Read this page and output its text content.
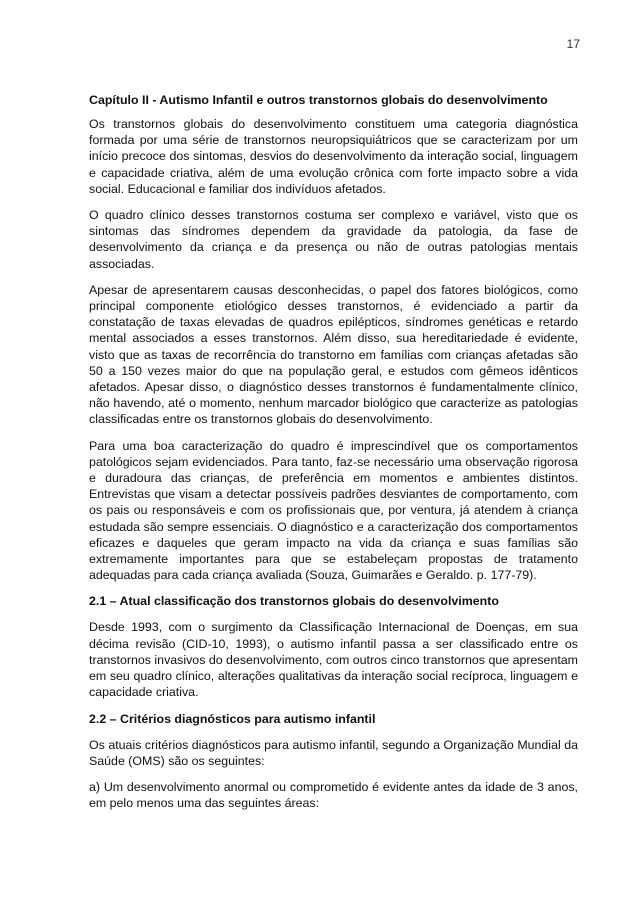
17
Capítulo II - Autismo Infantil e outros transtornos globais do desenvolvimento

Os transtornos globais do desenvolvimento constituem uma categoria diagnóstica formada por uma série de transtornos neuropsiquiátricos que se caracterizam por um início precoce dos sintomas, desvios do desenvolvimento da interação social, linguagem e capacidade criativa, além de uma evolução crônica com forte impacto sobre a vida social. Educacional e familiar dos indivíduos afetados.

O quadro clínico desses transtornos costuma ser complexo e variável, visto que os sintomas das síndromes dependem da gravidade da patologia, da fase de desenvolvimento da criança e da presença ou não de outras patologias mentais associadas.

Apesar de apresentarem causas desconhecidas, o papel dos fatores biológicos, como principal componente etiológico desses transtornos, é evidenciado a partir da constatação de taxas elevadas de quadros epilépticos, síndromes genéticas e retardo mental associados a esses transtornos. Além disso, sua hereditariedade é evidente, visto que as taxas de recorrência do transtorno em famílias com crianças afetadas são 50 a 150 vezes maior do que na população geral, e estudos com gêmeos idênticos afetados. Apesar disso, o diagnóstico desses transtornos é fundamentalmente clínico, não havendo, até o momento, nenhum marcador biológico que caracterize as patologias classificadas entre os transtornos globais do desenvolvimento.

Para uma boa caracterização do quadro é imprescindível que os comportamentos patológicos sejam evidenciados. Para tanto, faz-se necessário uma observação rigorosa e duradoura das crianças, de preferência em momentos e ambientes distintos. Entrevistas que visam a detectar possíveis padrões desviantes de comportamento, com os pais ou responsáveis e com os profissionais que, por ventura, já atendem à criança estudada são sempre essenciais. O diagnóstico e a caracterização dos comportamentos eficazes e daqueles que geram impacto na vida da criança e suas famílias são extremamente importantes para que se estabeleçam propostas de tratamento adequadas para cada criança avaliada (Souza, Guimarães e Geraldo. p. 177-79).

2.1 – Atual classificação dos transtornos globais do desenvolvimento

Desde 1993, com o surgimento da Classificação Internacional de Doenças, em sua décima revisão (CID-10, 1993), o autismo infantil passa a ser classificado entre os transtornos invasivos do desenvolvimento, com outros cinco transtornos que apresentam em seu quadro clínico, alterações qualitativas da interação social recíproca, linguagem e capacidade criativa.

2.2 – Critérios diagnósticos para autismo infantil

Os atuais critérios diagnósticos para autismo infantil, segundo a Organização Mundial da Saúde (OMS) são os seguintes:

a) Um desenvolvimento anormal ou comprometido é evidente antes da idade de 3 anos, em pelo menos uma das seguintes áreas:
